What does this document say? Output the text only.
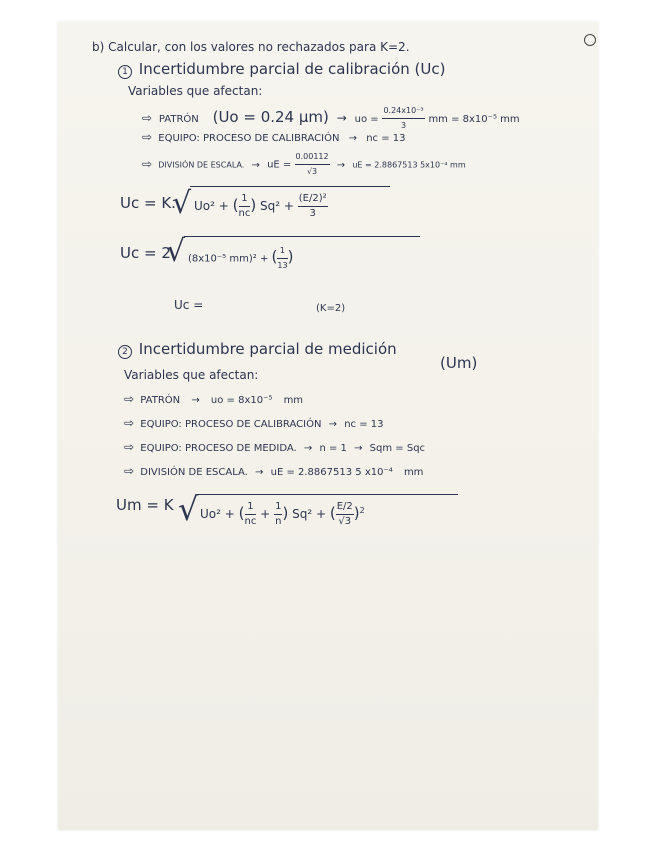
b) Calcular, con los valores no rechazados para K=2.
1 Incertidumbre parcial de calibración (Uc)
Variables que afectan:
⇨ PATRÓN (Uo = 0.24 μm) → uo = $\frac{\text{0.24x10⁻³}}{3}$ mm = 8x10⁻⁵ mm
⇨ EQUIPO: PROCESO DE CALIBRACIÓN → nc = 13
⇨ DIVISIÓN DE ESCALA. → uE = $\frac{0.00112}{√3}$ → uE = 2.8867513 5x10⁻⁴ mm
Uc = K.
√ Uo² + ( $\frac{1}{nc}$ ) $Sq^2 + \frac{\text{(E/2)²}}{3}$
Uc = 2.
√ (8x10⁻⁵ mm)² + ( $\frac{1}{13}$ )
Uc =	(K=2)
2 Incertidumbre parcial de medición
(Um)
Variables que afectan:
⇨ PATRÓN → uo = 8x10⁻⁵ mm
⇨ EQUIPO: PROCESO DE CALIBRACIÓN → nc = 13
⇨ EQUIPO: PROCESO DE MEDIDA. → n = 1 → Sqm = Sqc
⇨ DIVISIÓN DE ESCALA. → uE = 2.8867513 5 x10⁻⁴ mm
Um = K √ Uo² + ( $\frac{1}{nc} + \frac{1}{n}$ ) Sq² + ( $\frac{E/2}{√3} )^2$
